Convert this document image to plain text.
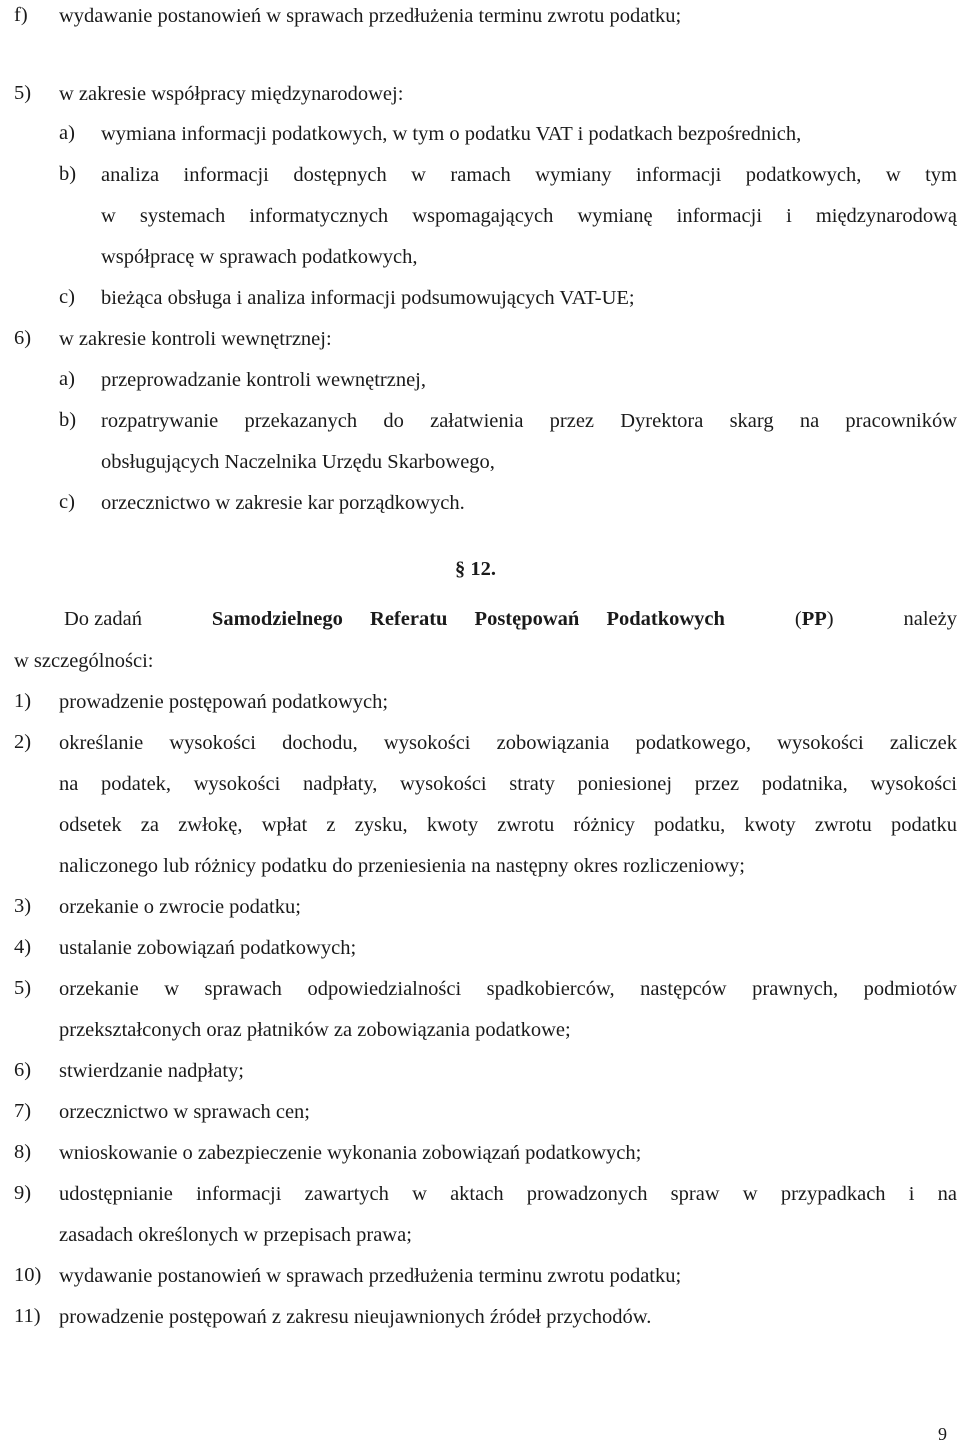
f) wydawanie postanowień w sprawach przedłużenia terminu zwrotu podatku;
5) w zakresie współpracy międzynarodowej:
a) wymiana informacji podatkowych, w tym o podatku VAT i podatkach bezpośrednich,
b) analiza informacji dostępnych w ramach wymiany informacji podatkowych, w tym
w systemach informatycznych wspomagających wymianę informacji i międzynarodową
współpracę w sprawach podatkowych,
c) bieżąca obsługa i analiza informacji podsumowujących VAT-UE;
6) w zakresie kontroli wewnętrznej:
a) przeprowadzanie kontroli wewnętrznej,
b) rozpatrywanie przekazanych do załatwienia przez Dyrektora skarg na pracowników
obsługujących Naczelnika Urzędu Skarbowego,
c) orzecznictwo w zakresie kar porządkowych.
§ 12.
Do zadań	Samodzielnego Referatu Postępowań Podatkowych	(PP)	należy
w szczególności:
1) prowadzenie postępowań podatkowych;
2) określanie wysokości dochodu, wysokości zobowiązania podatkowego, wysokości zaliczek
na podatek, wysokości nadpłaty, wysokości straty poniesionej przez podatnika, wysokości
odsetek za zwłokę, wpłat z zysku, kwoty zwrotu różnicy podatku, kwoty zwrotu podatku
naliczonego lub różnicy podatku do przeniesienia na następny okres rozliczeniowy;
3) orzekanie o zwrocie podatku;
4) ustalanie zobowiązań podatkowych;
5) orzekanie w sprawach odpowiedzialności spadkobierców, następców prawnych, podmiotów
przekształconych oraz płatników za zobowiązania podatkowe;
6) stwierdzanie nadpłaty;
7) orzecznictwo w sprawach cen;
8) wnioskowanie o zabezpieczenie wykonania zobowiązań podatkowych;
9) udostępnianie informacji zawartych w aktach prowadzonych spraw w przypadkach i na
zasadach określonych w przepisach prawa;
10) wydawanie postanowień w sprawach przedłużenia terminu zwrotu podatku;
11) prowadzenie postępowań z zakresu nieujawnionych źródeł przychodów.
9
